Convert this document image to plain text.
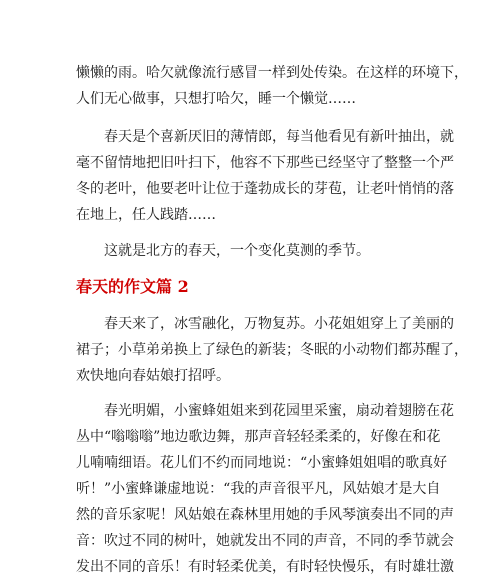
懒懒的雨。哈欠就像流行感冒一样到处传染。在这样的环境下，
人们无心做事，只想打哈欠，睡一个懒觉……
　　春天是个喜新厌旧的薄情郎，每当他看见有新叶抽出，就
毫不留情地把旧叶扫下，他容不下那些已经坚守了整整一个严
冬的老叶，他要老叶让位于蓬勃成长的芽苞，让老叶悄悄的落
在地上，任人践踏……
　　这就是北方的春天，一个变化莫测的季节。
春天的作文篇 2
　　春天来了，冰雪融化，万物复苏。小花姐姐穿上了美丽的
裙子；小草弟弟换上了绿色的新装；冬眠的小动物们都苏醒了，
欢快地向春姑娘打招呼。
　　春光明媚，小蜜蜂姐姐来到花园里采蜜，扇动着翅膀在花
丛中“嗡嗡嗡”地边歌边舞，那声音轻轻柔柔的，好像在和花
儿喃喃细语。花儿们不约而同地说：“小蜜蜂姐姐唱的歌真好
听！”小蜜蜂谦虚地说：“我的声音很平凡，风姑娘才是大自
然的音乐家呢！风姑娘在森林里用她的手风琴演奏出不同的声
音：吹过不同的树叶，她就发出不同的声音，不同的季节就会
发出不同的音乐！有时轻柔优美，有时轻快慢乐，有时雄壮激
